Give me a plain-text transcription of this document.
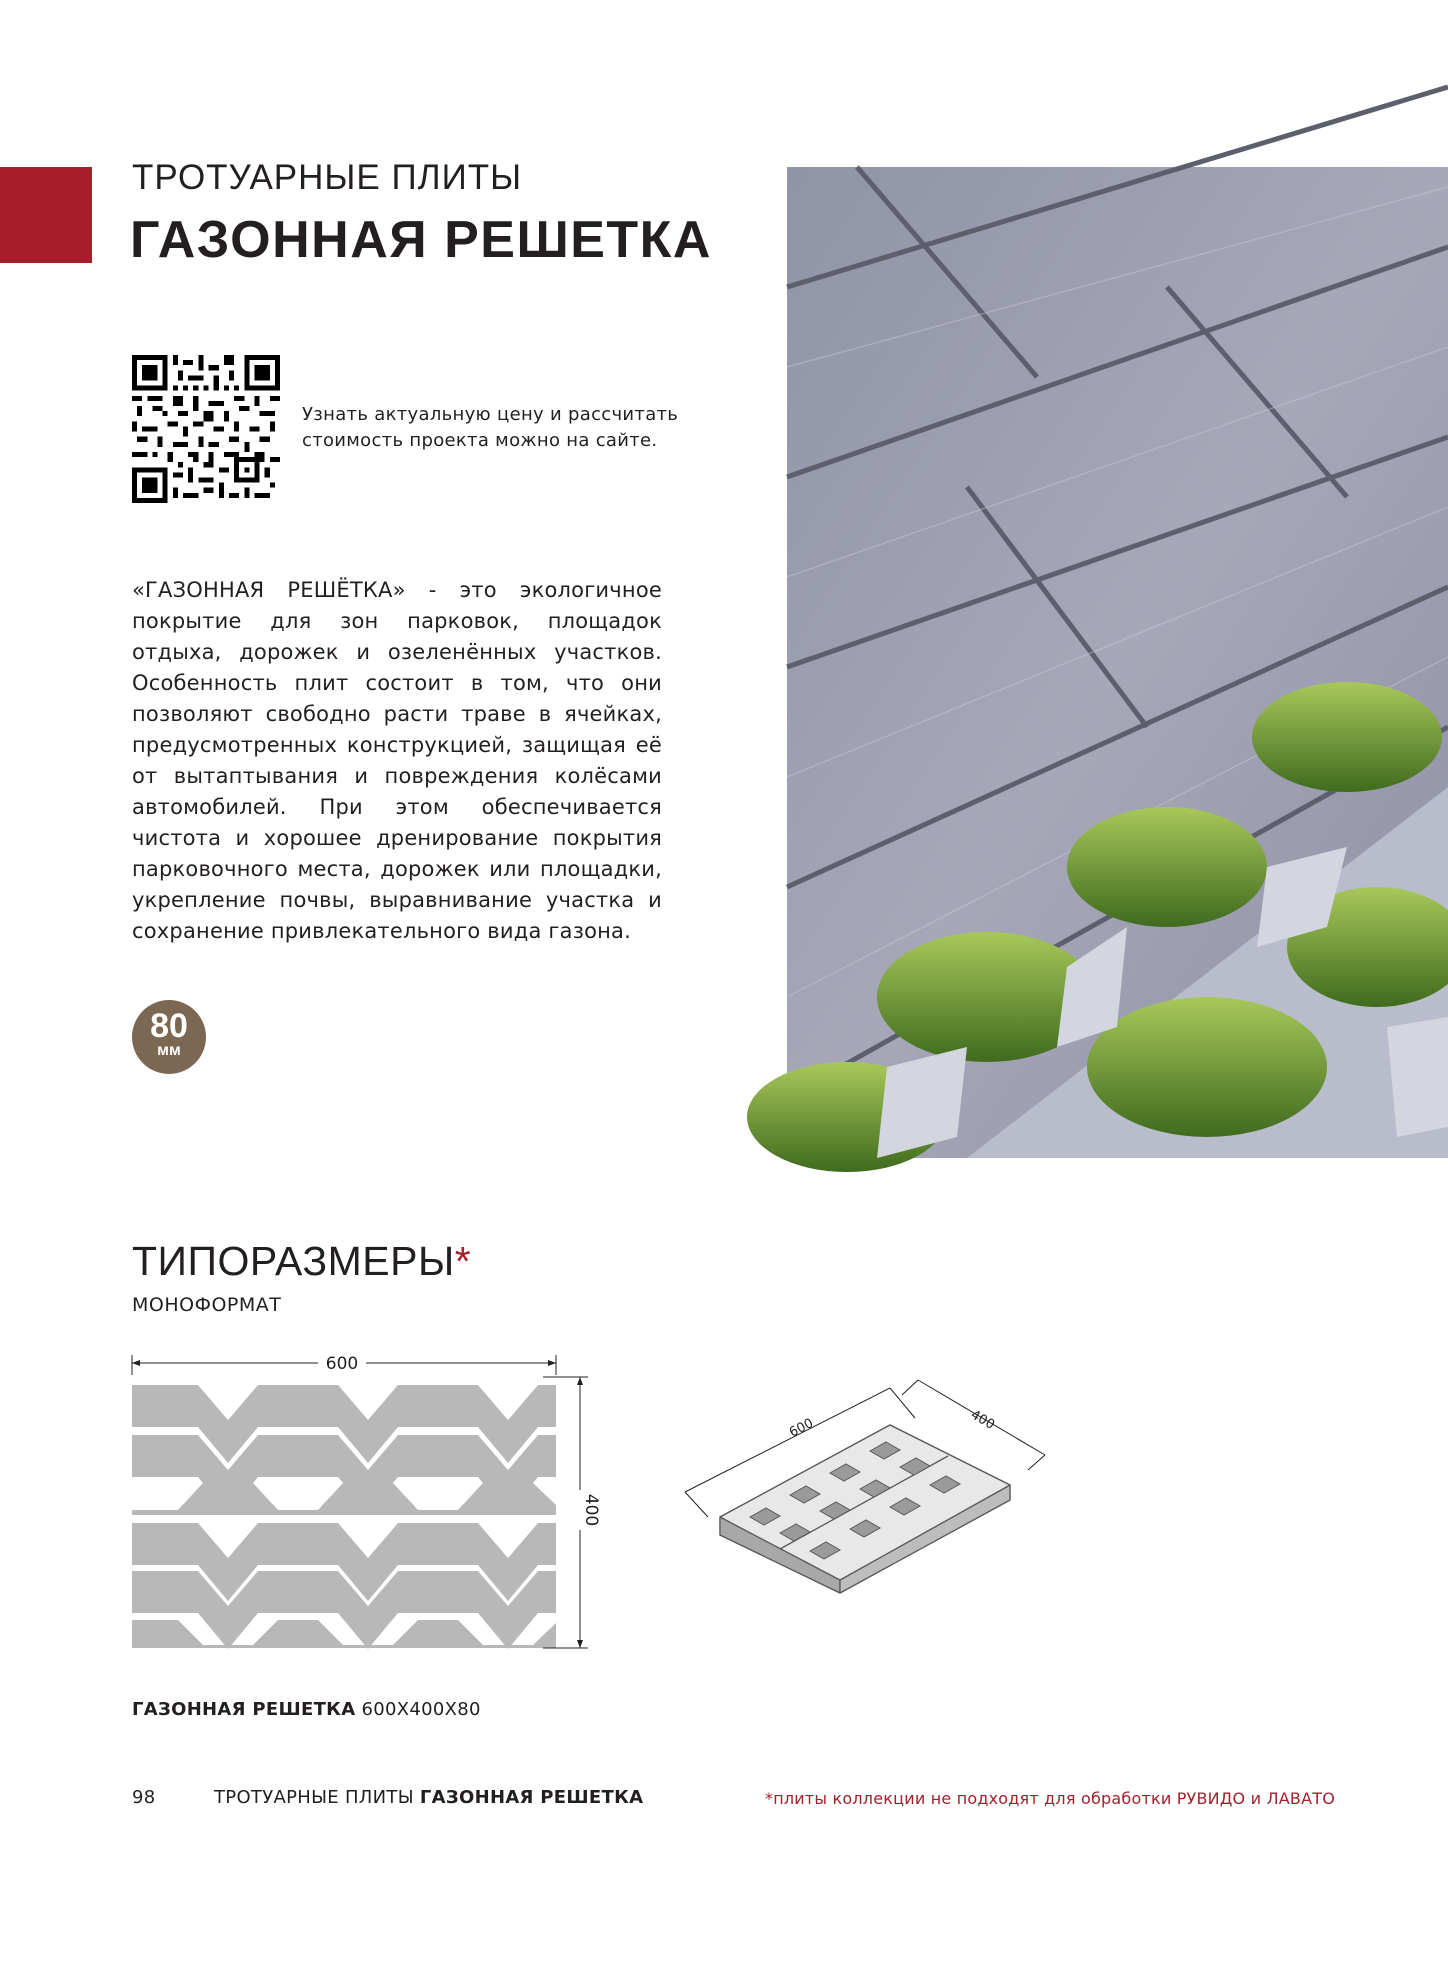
ТРОТУАРНЫЕ ПЛИТЫ
ГАЗОННАЯ РЕШЕТКА
Узнать актуальную цену и рассчитать стоимость проекта можно на сайте.
«ГАЗОННАЯ РЕШЁТКА» - это экологичное покрытие для зон парковок, площадок отдыха, дорожек и озеленённых участков. Особенность плит состоит в том, что они позволяют свободно расти траве в ячейках, предусмотренных конструкцией, защищая её от вытаптывания и повреждения колёсами автомобилей. При этом обеспечивается чистота и хорошее дренирование покрытия парковочного места, дорожек или площадки, укрепление почвы, выравнивание участка и сохранение привлекательного вида газона.
80
мм
ТИПОРАЗМЕРЫ*
МОНОФОРМАТ
600
400
600	400
ГАЗОННАЯ РЕШЕТКА 600Х400Х80
98	ТРОТУАРНЫЕ ПЛИТЫ ГАЗОННАЯ РЕШЕТКА	*плиты коллекции не подходят для обработки РУВИДО и ЛАВАТО
